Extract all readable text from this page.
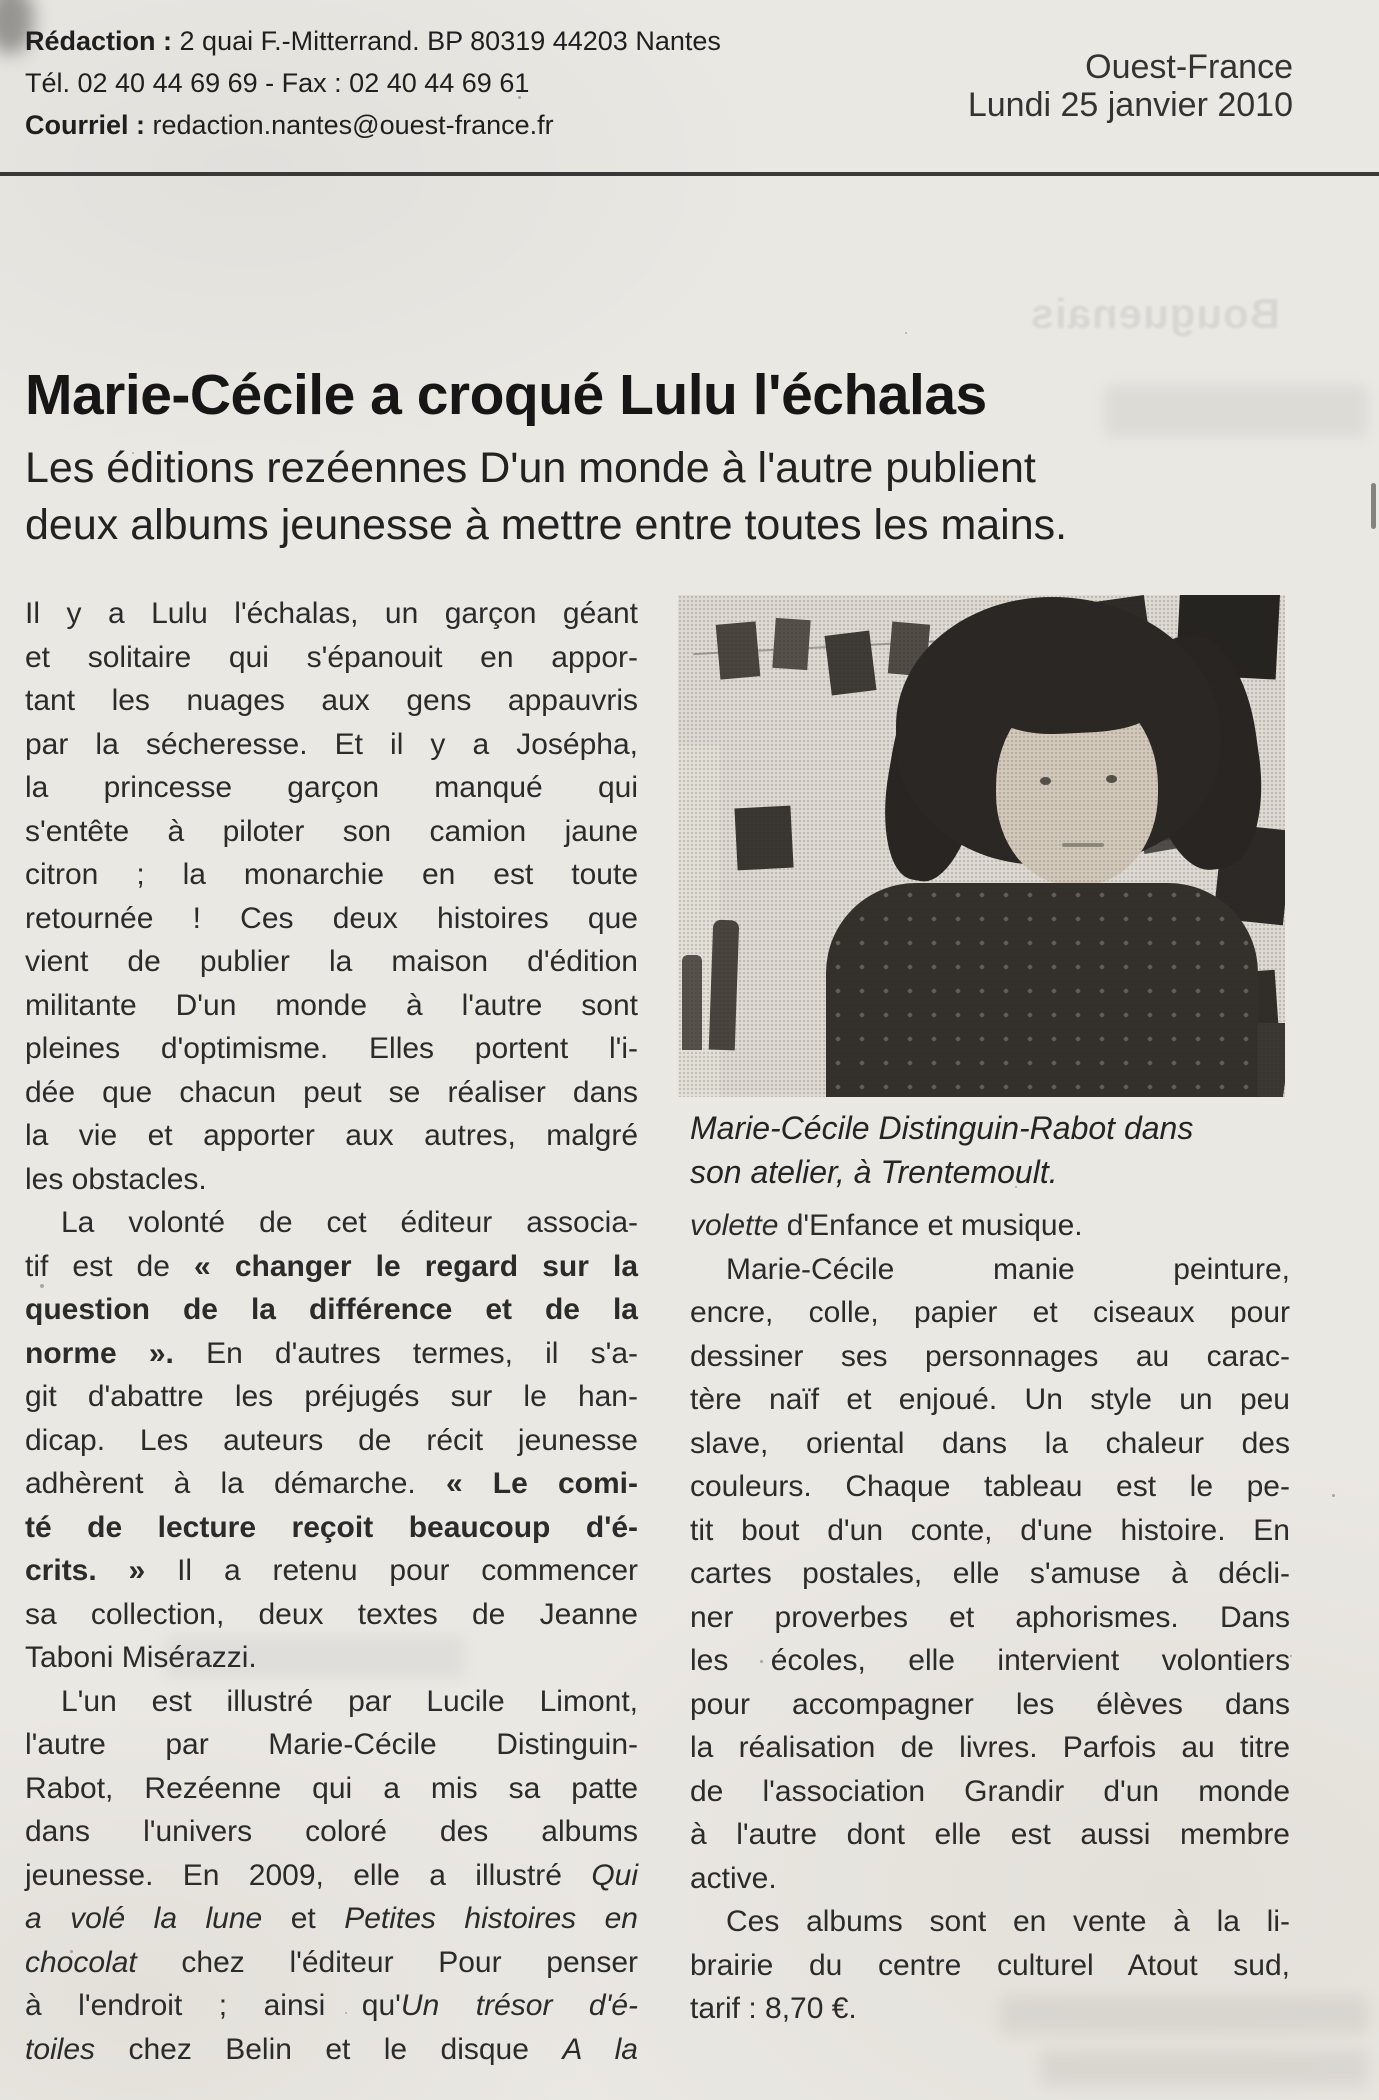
Rédaction : 2 quai F.-Mitterrand. BP 80319 44203 Nantes
Tél. 02 40 44 69 69 - Fax : 02 40 44 69 61
Courriel : redaction.nantes@ouest-france.fr
Ouest-France
Lundi 25 janvier 2010
Bouguenais
Marie-Cécile a croqué Lulu l'échalas
Les éditions rezéennes D'un monde à l'autre publient
deux albums jeunesse à mettre entre toutes les mains.
Il y a Lulu l'échalas, un garçon géant
et solitaire qui s'épanouit en appor-
tant les nuages aux gens appauvris
par la sécheresse. Et il y a Josépha,
la princesse garçon manqué qui
s'entête à piloter son camion jaune
citron ; la monarchie en est toute
retournée ! Ces deux histoires que
vient de publier la maison d'édition
militante D'un monde à l'autre sont
pleines d'optimisme. Elles portent l'i-
dée que chacun peut se réaliser dans
la vie et apporter aux autres, malgré
les obstacles.
La volonté de cet éditeur associa-
tif est de « changer le regard sur la
question de la différence et de la
norme ». En d'autres termes, il s'a-
git d'abattre les préjugés sur le han-
dicap. Les auteurs de récit jeunesse
adhèrent à la démarche. « Le comi-
té de lecture reçoit beaucoup d'é-
crits. » Il a retenu pour commencer
sa collection, deux textes de Jeanne
Taboni Misérazzi.
L'un est illustré par Lucile Limont,
l'autre par Marie-Cécile Distinguin-
Rabot, Rezéenne qui a mis sa patte
dans l'univers coloré des albums
jeunesse. En 2009, elle a illustré Qui
a volé la lune et Petites histoires en
chocolat chez l'éditeur Pour penser
à l'endroit ; ainsi qu'Un trésor d'é-
toiles chez Belin et le disque A la
volette d'Enfance et musique.
Marie-Cécile manie peinture,
encre, colle, papier et ciseaux pour
dessiner ses personnages au carac-
tère naïf et enjoué. Un style un peu
slave, oriental dans la chaleur des
couleurs. Chaque tableau est le pe-
tit bout d'un conte, d'une histoire. En
cartes postales, elle s'amuse à décli-
ner proverbes et aphorismes. Dans
les écoles, elle intervient volontiers
pour accompagner les élèves dans
la réalisation de livres. Parfois au titre
de l'association Grandir d'un monde
à l'autre dont elle est aussi membre
active.
Ces albums sont en vente à la li-
brairie du centre culturel Atout sud,
tarif : 8,70 €.
Marie-Cécile Distinguin-Rabot dans
son atelier, à Trentemoult.
